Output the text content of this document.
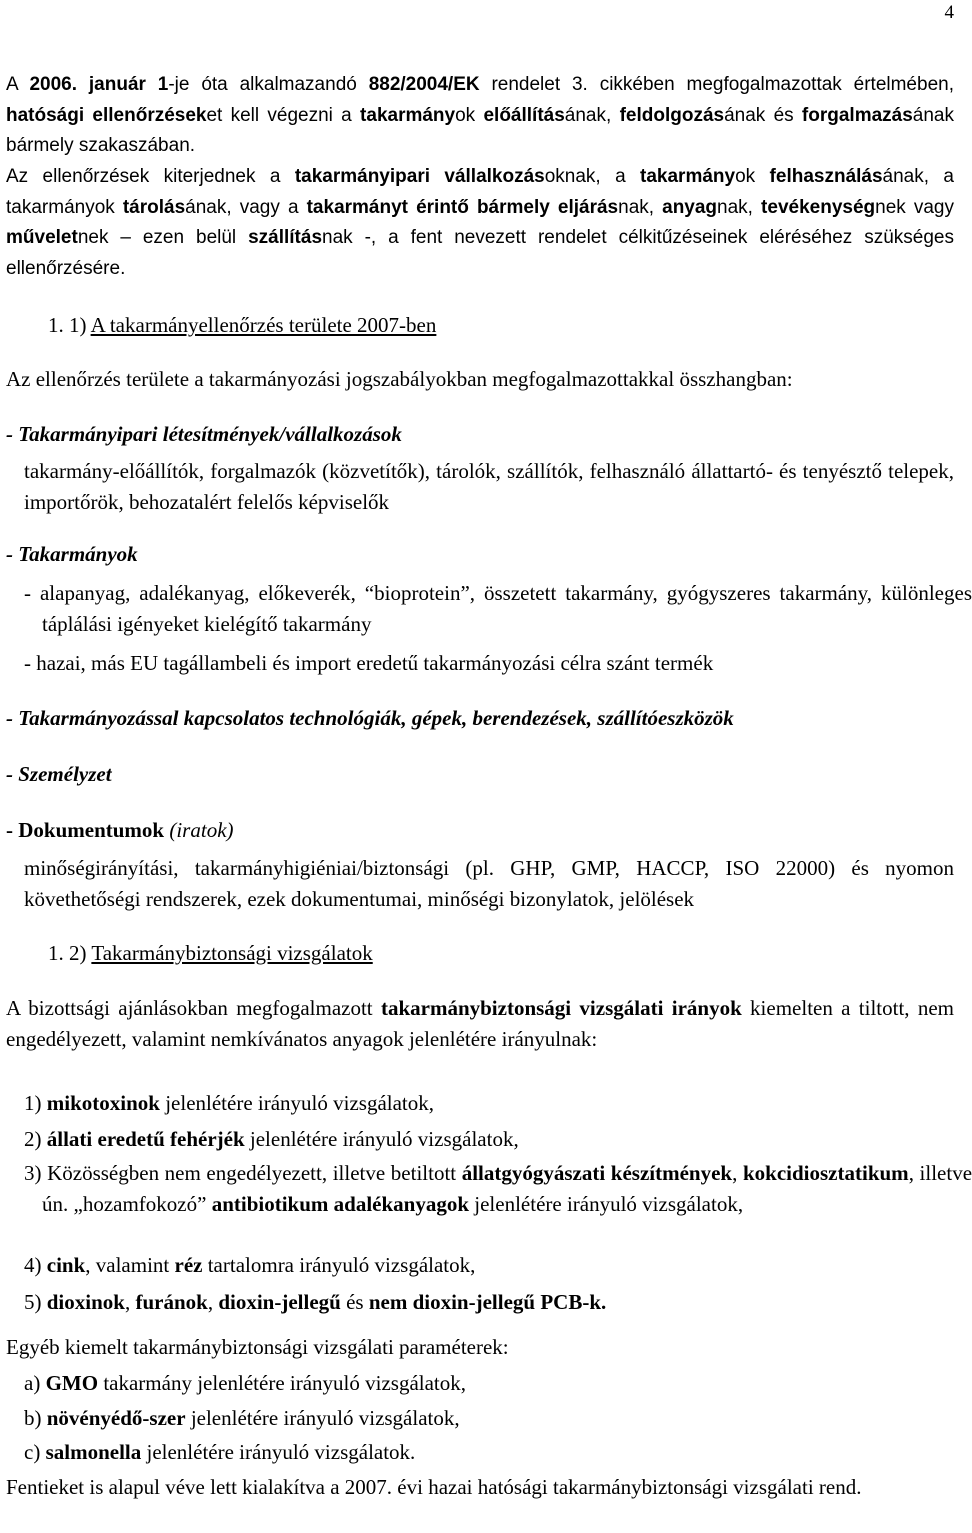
4

A 2006. január 1-je óta alkalmazandó 882/2004/EK rendelet 3. cikkében megfogalmazottak értelmében, hatósági ellenőrzéseket kell végezni a takarmányok előállításának, feldolgozásának és forgalmazásának bármely szakaszában.

Az ellenőrzések kiterjednek a takarmányipari vállalkozásoknak, a takarmányok felhasználásának, a takarmányok tárolásának, vagy a takarmányt érintő bármely eljárásnak, anyagnak, tevékenységnek vagy műveletnek – ezen belül szállításnak -, a fent nevezett rendelet célkitűzéseinek eléréséhez szükséges ellenőrzésére.

1. 1) A takarmányellenőrzés területe 2007-ben

Az ellenőrzés területe a takarmányozási jogszabályokban megfogalmazottakkal összhangban:

- Takarmányipari létesítmények/vállalkozások

takarmány-előállítók, forgalmazók (közvetítők), tárolók, szállítók, felhasználó állattartó- és tenyésztő telepek, importőrök, behozatalért felelős képviselők

- Takarmányok

- alapanyag, adalékanyag, előkeverék, “bioprotein”, összetett takarmány, gyógyszeres takarmány, különleges táplálási igényeket kielégítő takarmány

- hazai, más EU tagállambeli és import eredetű takarmányozási célra szánt termék

- Takarmányozással kapcsolatos technológiák, gépek, berendezések, szállítóeszközök

- Személyzet

- Dokumentumok (iratok)

minőségirányítási, takarmányhigiéniai/biztonsági (pl. GHP, GMP, HACCP, ISO 22000) és nyomon követhetőségi rendszerek, ezek dokumentumai, minőségi bizonylatok, jelölések

1. 2) Takarmánybiztonsági vizsgálatok

A bizottsági ajánlásokban megfogalmazott takarmánybiztonsági vizsgálati irányok kiemelten a tiltott, nem engedélyezett, valamint nemkívánatos anyagok jelenlétére irányulnak:

1) mikotoxinok jelenlétére irányuló vizsgálatok,

2) állati eredetű fehérjék jelenlétére irányuló vizsgálatok,

3) Közösségben nem engedélyezett, illetve betiltott állatgyógyászati készítmények, kokcidiosztatikum, illetve ún. „hozamfokozó” antibiotikum adalékanyagok jelenlétére irányuló vizsgálatok,

4) cink, valamint réz tartalomra irányuló vizsgálatok,

5) dioxinok, furánok, dioxin-jellegű és nem dioxin-jellegű PCB-k.

Egyéb kiemelt takarmánybiztonsági vizsgálati paraméterek:

a) GMO takarmány jelenlétére irányuló vizsgálatok,

b) növényédő-szer jelenlétére irányuló vizsgálatok,

c) salmonella jelenlétére irányuló vizsgálatok.

Fentieket is alapul véve lett kialakítva a 2007. évi hazai hatósági takarmánybiztonsági vizsgálati rend.
